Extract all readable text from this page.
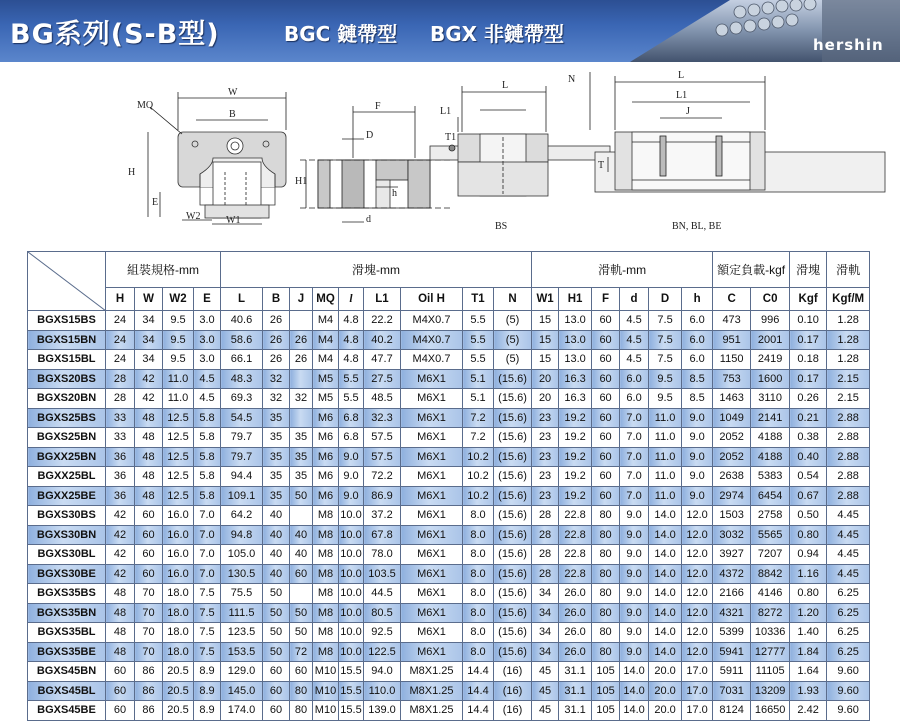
BG系列(S-B型)	BGC 鏈帶型 BGX 非鏈帶型	hershin
W
B
MQ
H
E
W2	W1
F
D
H1
h
d
L
L1
T1
BS
N	L
L1
J
T
BN, BL, BE
	組裝規格-mm				滑塊-mm									滑軌-mm						額定負載-kgf		滑塊	滑軌
	H	W	W2	E	L	B	J	MQ	l	L1	Oil H	T1	N	W1	H1	F	d	D	h	C	C0	Kgf	Kgf/M
BGXS15BS	24	34	9.5	3.0	40.6	26		M4	4.8	22.2	M4X0.7	5.5	(5)	15	13.0	60	4.5	7.5	6.0	473	996	0.10	1.28
BGXS15BN	24	34	9.5	3.0	58.6	26	26	M4	4.8	40.2	M4X0.7	5.5	(5)	15	13.0	60	4.5	7.5	6.0	951	2001	0.17	1.28
BGXS15BL	24	34	9.5	3.0	66.1	26	26	M4	4.8	47.7	M4X0.7	5.5	(5)	15	13.0	60	4.5	7.5	6.0	1150	2419	0.18	1.28
BGXS20BS	28	42	11.0	4.5	48.3	32		M5	5.5	27.5	M6X1	5.1	(15.6)	20	16.3	60	6.0	9.5	8.5	753	1600	0.17	2.15
BGXS20BN	28	42	11.0	4.5	69.3	32	32	M5	5.5	48.5	M6X1	5.1	(15.6)	20	16.3	60	6.0	9.5	8.5	1463	3110	0.26	2.15
BGXS25BS	33	48	12.5	5.8	54.5	35		M6	6.8	32.3	M6X1	7.2	(15.6)	23	19.2	60	7.0	11.0	9.0	1049	2141	0.21	2.88
BGXS25BN	33	48	12.5	5.8	79.7	35	35	M6	6.8	57.5	M6X1	7.2	(15.6)	23	19.2	60	7.0	11.0	9.0	2052	4188	0.38	2.88
BGXX25BN	36	48	12.5	5.8	79.7	35	35	M6	9.0	57.5	M6X1	10.2	(15.6)	23	19.2	60	7.0	11.0	9.0	2052	4188	0.40	2.88
BGXX25BL	36	48	12.5	5.8	94.4	35	35	M6	9.0	72.2	M6X1	10.2	(15.6)	23	19.2	60	7.0	11.0	9.0	2638	5383	0.54	2.88
BGXX25BE	36	48	12.5	5.8	109.1	35	50	M6	9.0	86.9	M6X1	10.2	(15.6)	23	19.2	60	7.0	11.0	9.0	2974	6454	0.67	2.88
BGXS30BS	42	60	16.0	7.0	64.2	40		M8	10.0	37.2	M6X1	8.0	(15.6)	28	22.8	80	9.0	14.0	12.0	1503	2758	0.50	4.45
BGXS30BN	42	60	16.0	7.0	94.8	40	40	M8	10.0	67.8	M6X1	8.0	(15.6)	28	22.8	80	9.0	14.0	12.0	3032	5565	0.80	4.45
BGXS30BL	42	60	16.0	7.0	105.0	40	40	M8	10.0	78.0	M6X1	8.0	(15.6)	28	22.8	80	9.0	14.0	12.0	3927	7207	0.94	4.45
BGXS30BE	42	60	16.0	7.0	130.5	40	60	M8	10.0	103.5	M6X1	8.0	(15.6)	28	22.8	80	9.0	14.0	12.0	4372	8842	1.16	4.45
BGXS35BS	48	70	18.0	7.5	75.5	50		M8	10.0	44.5	M6X1	8.0	(15.6)	34	26.0	80	9.0	14.0	12.0	2166	4146	0.80	6.25
BGXS35BN	48	70	18.0	7.5	111.5	50	50	M8	10.0	80.5	M6X1	8.0	(15.6)	34	26.0	80	9.0	14.0	12.0	4321	8272	1.20	6.25
BGXS35BL	48	70	18.0	7.5	123.5	50	50	M8	10.0	92.5	M6X1	8.0	(15.6)	34	26.0	80	9.0	14.0	12.0	5399	10336	1.40	6.25
BGXS35BE	48	70	18.0	7.5	153.5	50	72	M8	10.0	122.5	M6X1	8.0	(15.6)	34	26.0	80	9.0	14.0	12.0	5941	12777	1.84	6.25
BGXS45BN	60	86	20.5	8.9	129.0	60	60	M10	15.5	94.0	M8X1.25	14.4	(16)	45	31.1	105	14.0	20.0	17.0	5911	11105	1.64	9.60
BGXS45BL	60	86	20.5	8.9	145.0	60	80	M10	15.5	110.0	M8X1.25	14.4	(16)	45	31.1	105	14.0	20.0	17.0	7031	13209	1.93	9.60
BGXS45BE	60	86	20.5	8.9	174.0	60	80	M10	15.5	139.0	M8X1.25	14.4	(16)	45	31.1	105	14.0	20.0	17.0	8124	16650	2.42	9.60
